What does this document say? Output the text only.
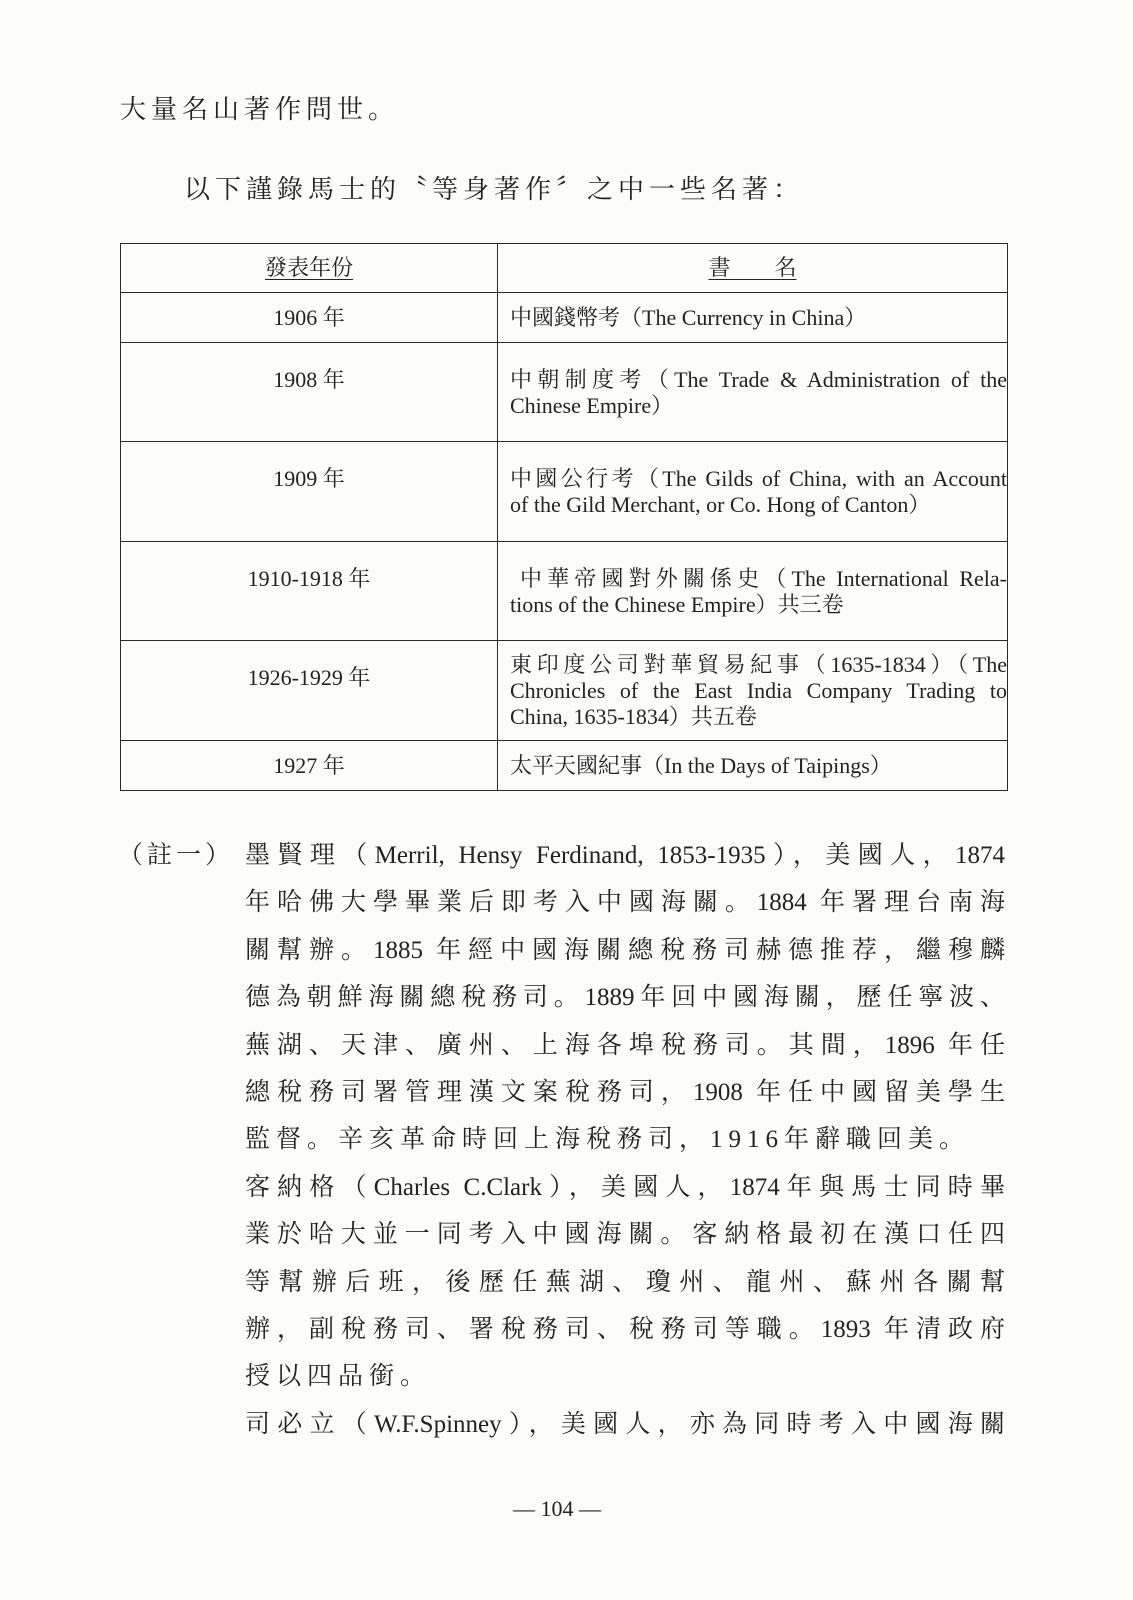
大量名山著作問世。
以下謹錄馬士的〝等身著作〞之中一些名著：
發表年份	書　　名
1906 年	中國錢幣考（The Currency in China）

1908 年	中朝制度考（The Trade & Administration of the
Chinese Empire）

1909 年	中國公行考（The Gilds of China, with an Account
of the Gild Merchant, or Co. Hong of Canton）

1910-1918 年	中華帝國對外關係史（The International Rela-
tions of the Chinese Empire）共三卷

1926-1929 年	東印度公司對華貿易紀事（1635-1834）（The
Chronicles of the East India Company Trading to
China, 1635-1834）共五卷

1927 年	太平天國紀事（In the Days of Taipings）
（註一） 墨賢理（Merril, Hensy Ferdinand, 1853-1935），美國人，1874
年哈佛大學畢業后即考入中國海關。1884 年署理台南海
關幫辦。1885 年經中國海關總稅務司赫德推荐，繼穆麟
德為朝鮮海關總稅務司。1889年回中國海關，歷任寧波、
蕪湖、天津、廣州、上海各埠稅務司。其間，1896 年任
總稅務司署管理漢文案稅務司，1908 年任中國留美學生
監督。辛亥革命時回上海稅務司，1916年辭職回美。
客納格（Charles C.Clark），美國人，1874年與馬士同時畢
業於哈大並一同考入中國海關。客納格最初在漢口任四
等幫辦后班，後歷任蕪湖、瓊州、龍州、蘇州各關幫
辦，副稅務司、署稅務司、稅務司等職。1893 年清政府
授以四品銜。
司必立（W.F.Spinney），美國人，亦為同時考入中國海關
— 104 —
